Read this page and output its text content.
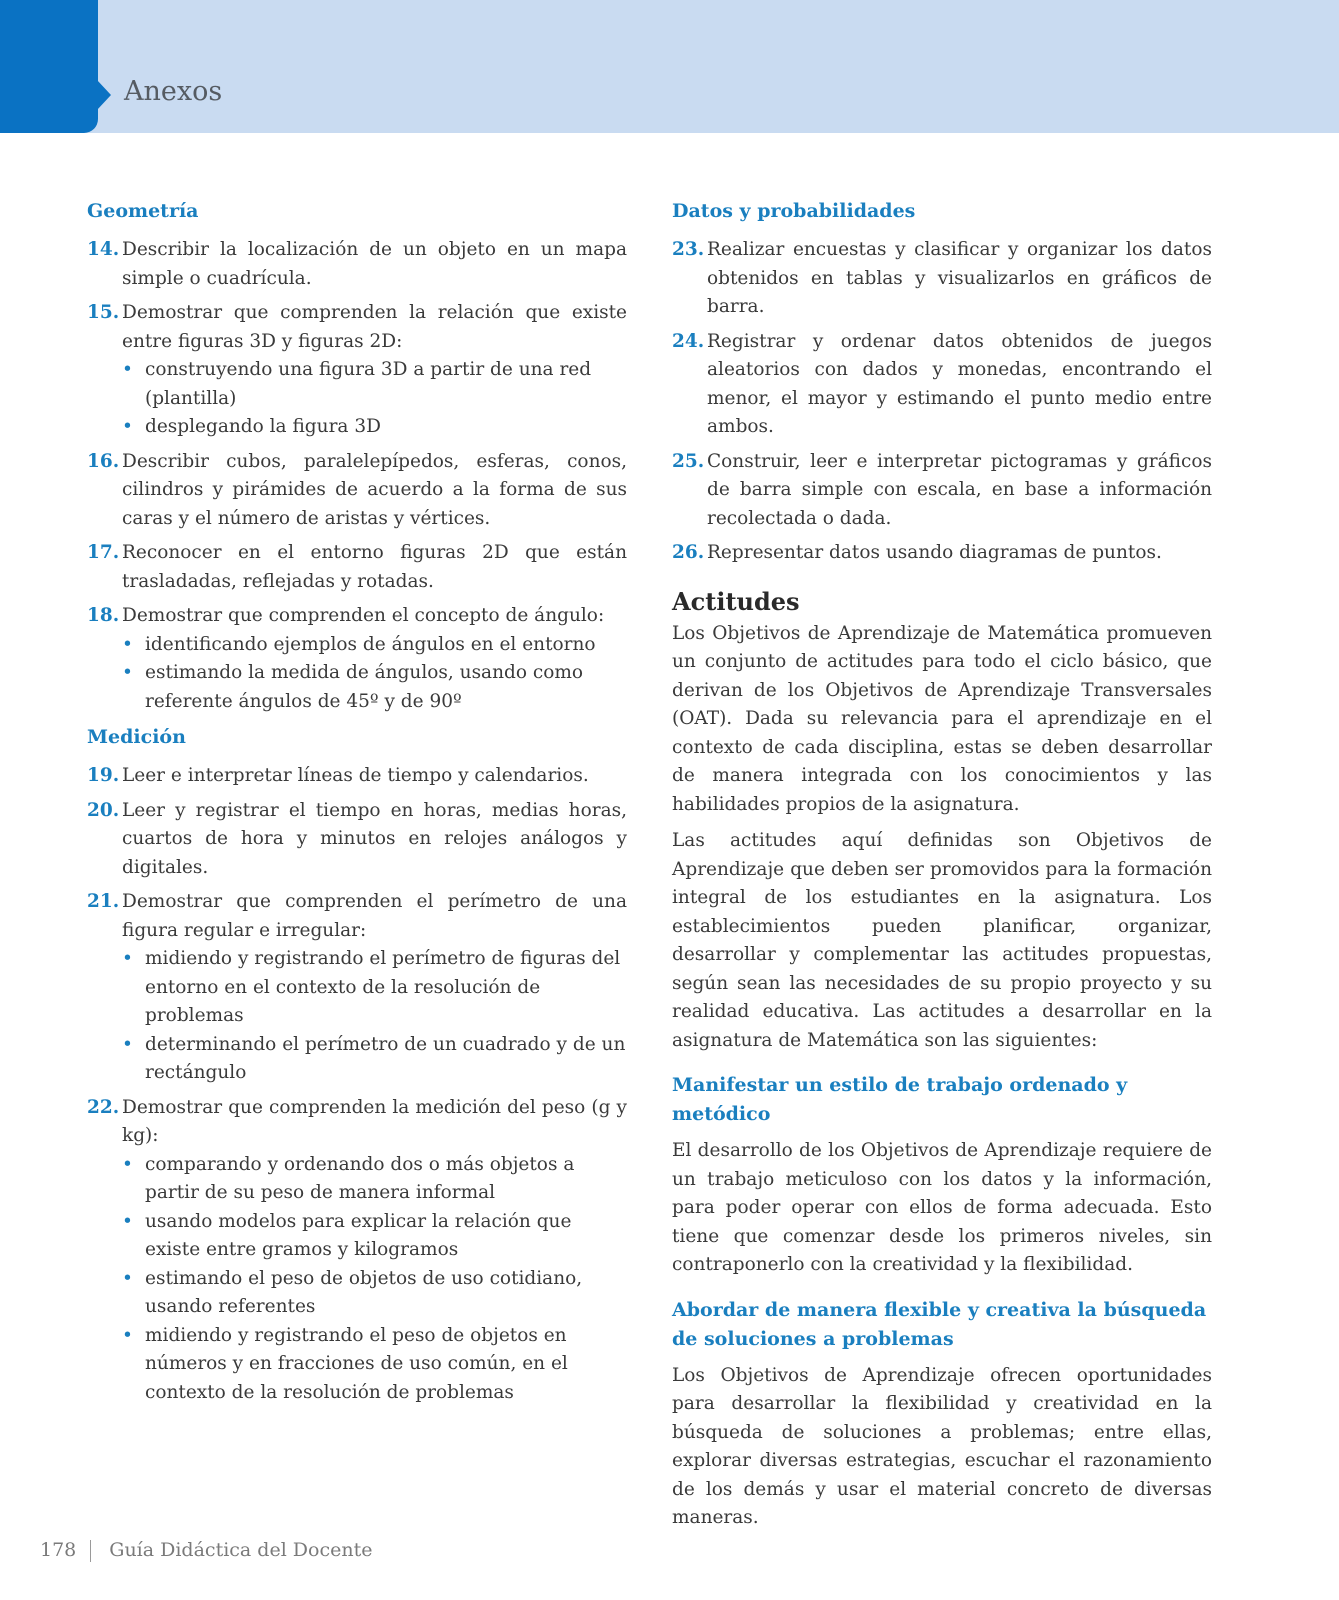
Anexos
Geometría
14. Describir la localización de un objeto en un mapa simple o cuadrícula.
15. Demostrar que comprenden la relación que existe entre figuras 3D y figuras 2D:
• construyendo una figura 3D a partir de una red (plantilla)
• desplegando la figura 3D
16. Describir cubos, paralelepípedos, esferas, conos, cilindros y pirámides de acuerdo a la forma de sus caras y el número de aristas y vértices.
17. Reconocer en el entorno figuras 2D que están trasladadas, reflejadas y rotadas.
18. Demostrar que comprenden el concepto de ángulo:
• identificando ejemplos de ángulos en el entorno
• estimando la medida de ángulos, usando como referente ángulos de 45º y de 90º
Medición
19. Leer e interpretar líneas de tiempo y calendarios.
20. Leer y registrar el tiempo en horas, medias horas, cuartos de hora y minutos en relojes análogos y digitales.
21. Demostrar que comprenden el perímetro de una figura regular e irregular:
• midiendo y registrando el perímetro de figuras del entorno en el contexto de la resolución de problemas
• determinando el perímetro de un cuadrado y de un rectángulo
22. Demostrar que comprenden la medición del peso (g y kg):
• comparando y ordenando dos o más objetos a partir de su peso de manera informal
• usando modelos para explicar la relación que existe entre gramos y kilogramos
• estimando el peso de objetos de uso cotidiano, usando referentes
• midiendo y registrando el peso de objetos en números y en fracciones de uso común, en el contexto de la resolución de problemas
Datos y probabilidades
23. Realizar encuestas y clasificar y organizar los datos obtenidos en tablas y visualizarlos en gráficos de barra.
24. Registrar y ordenar datos obtenidos de juegos aleatorios con dados y monedas, encontrando el menor, el mayor y estimando el punto medio entre ambos.
25. Construir, leer e interpretar pictogramas y gráficos de barra simple con escala, en base a información recolectada o dada.
26. Representar datos usando diagramas de puntos.
Actitudes

Los Objetivos de Aprendizaje de Matemática promueven un conjunto de actitudes para todo el ciclo básico, que derivan de los Objetivos de Aprendizaje Transversales (OAT). Dada su relevancia para el aprendizaje en el contexto de cada disciplina, estas se deben desarrollar de manera integrada con los conocimientos y las habilidades propios de la asignatura.

Las actitudes aquí definidas son Objetivos de Aprendizaje que deben ser promovidos para la formación integral de los estudiantes en la asignatura. Los establecimientos pueden planificar, organizar, desarrollar y complementar las actitudes propuestas, según sean las necesidades de su propio proyecto y su realidad educativa. Las actitudes a desarrollar en la asignatura de Matemática son las siguientes:

Manifestar un estilo de trabajo ordenado y metódico

El desarrollo de los Objetivos de Aprendizaje requiere de un trabajo meticuloso con los datos y la información, para poder operar con ellos de forma adecuada. Esto tiene que comenzar desde los primeros niveles, sin contraponerlo con la creatividad y la flexibilidad.

Abordar de manera flexible y creativa la búsqueda de soluciones a problemas

Los Objetivos de Aprendizaje ofrecen oportunidades para desarrollar la flexibilidad y creatividad en la búsqueda de soluciones a problemas; entre ellas, explorar diversas estrategias, escuchar el razonamiento de los demás y usar el material concreto de diversas maneras.

178 Guía Didáctica del Docente
